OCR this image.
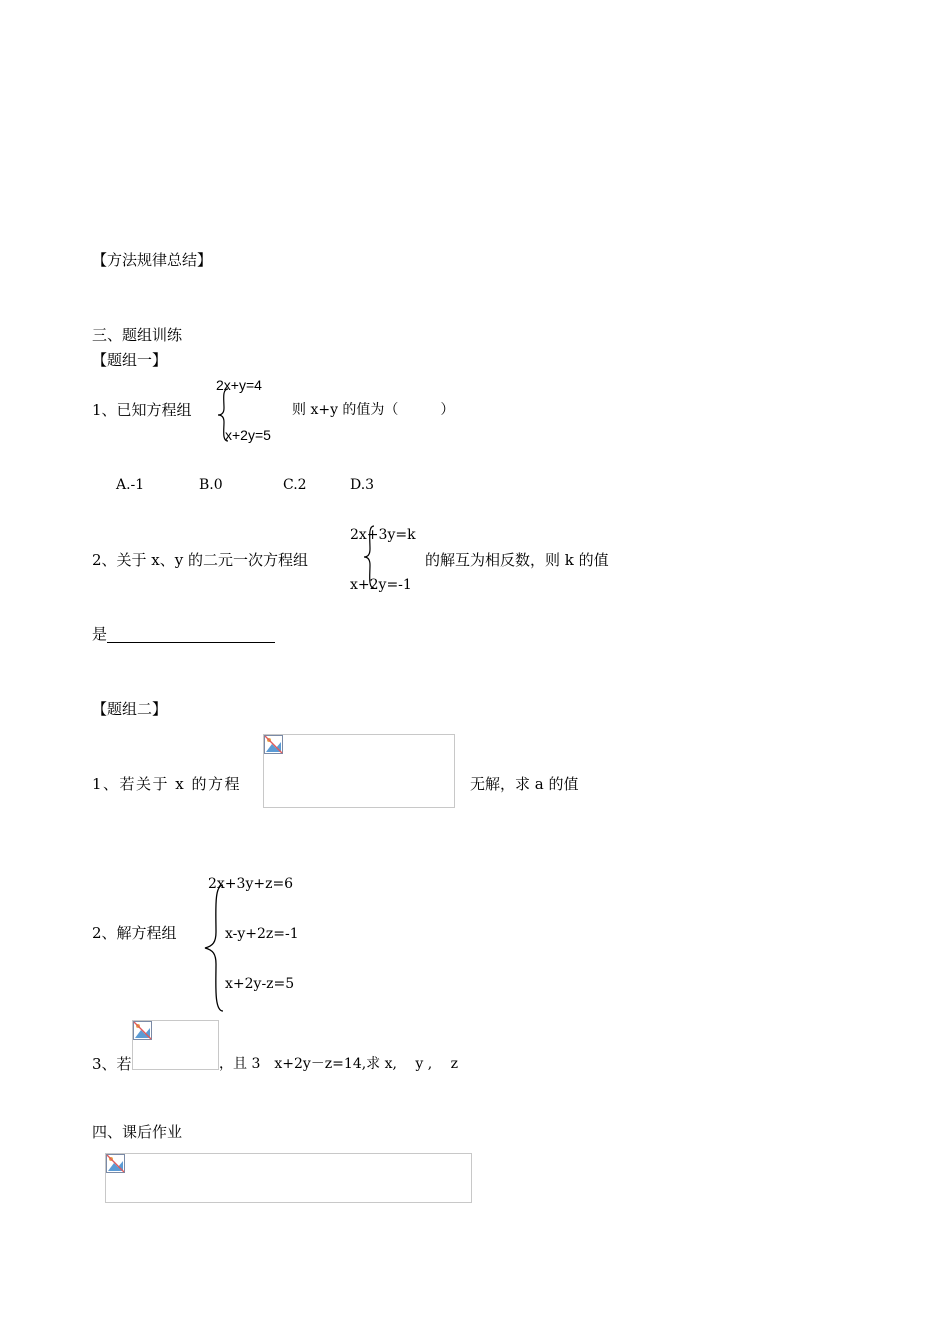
【方法规律总结】
三、题组训练
【题组一】
2x+y=4
1、已知方程组	则 x+y 的值为（　　　）
x+2y=5
A.-1	B.0	C.2	D.3
2x+3y=k
2、关于 x、y 的二元一次方程组	的解互为相反数，则 k 的值
x+2y=-1
是
【题组二】
1、若关于 x 的方程	无解，求 a 的值
2x+3y+z=6
2、解方程组	x-y+2z=-1
x+2y-z=5
3、若	，且 3　x+2y－z=14,求 x,　 y ,　 z
四、课后作业
